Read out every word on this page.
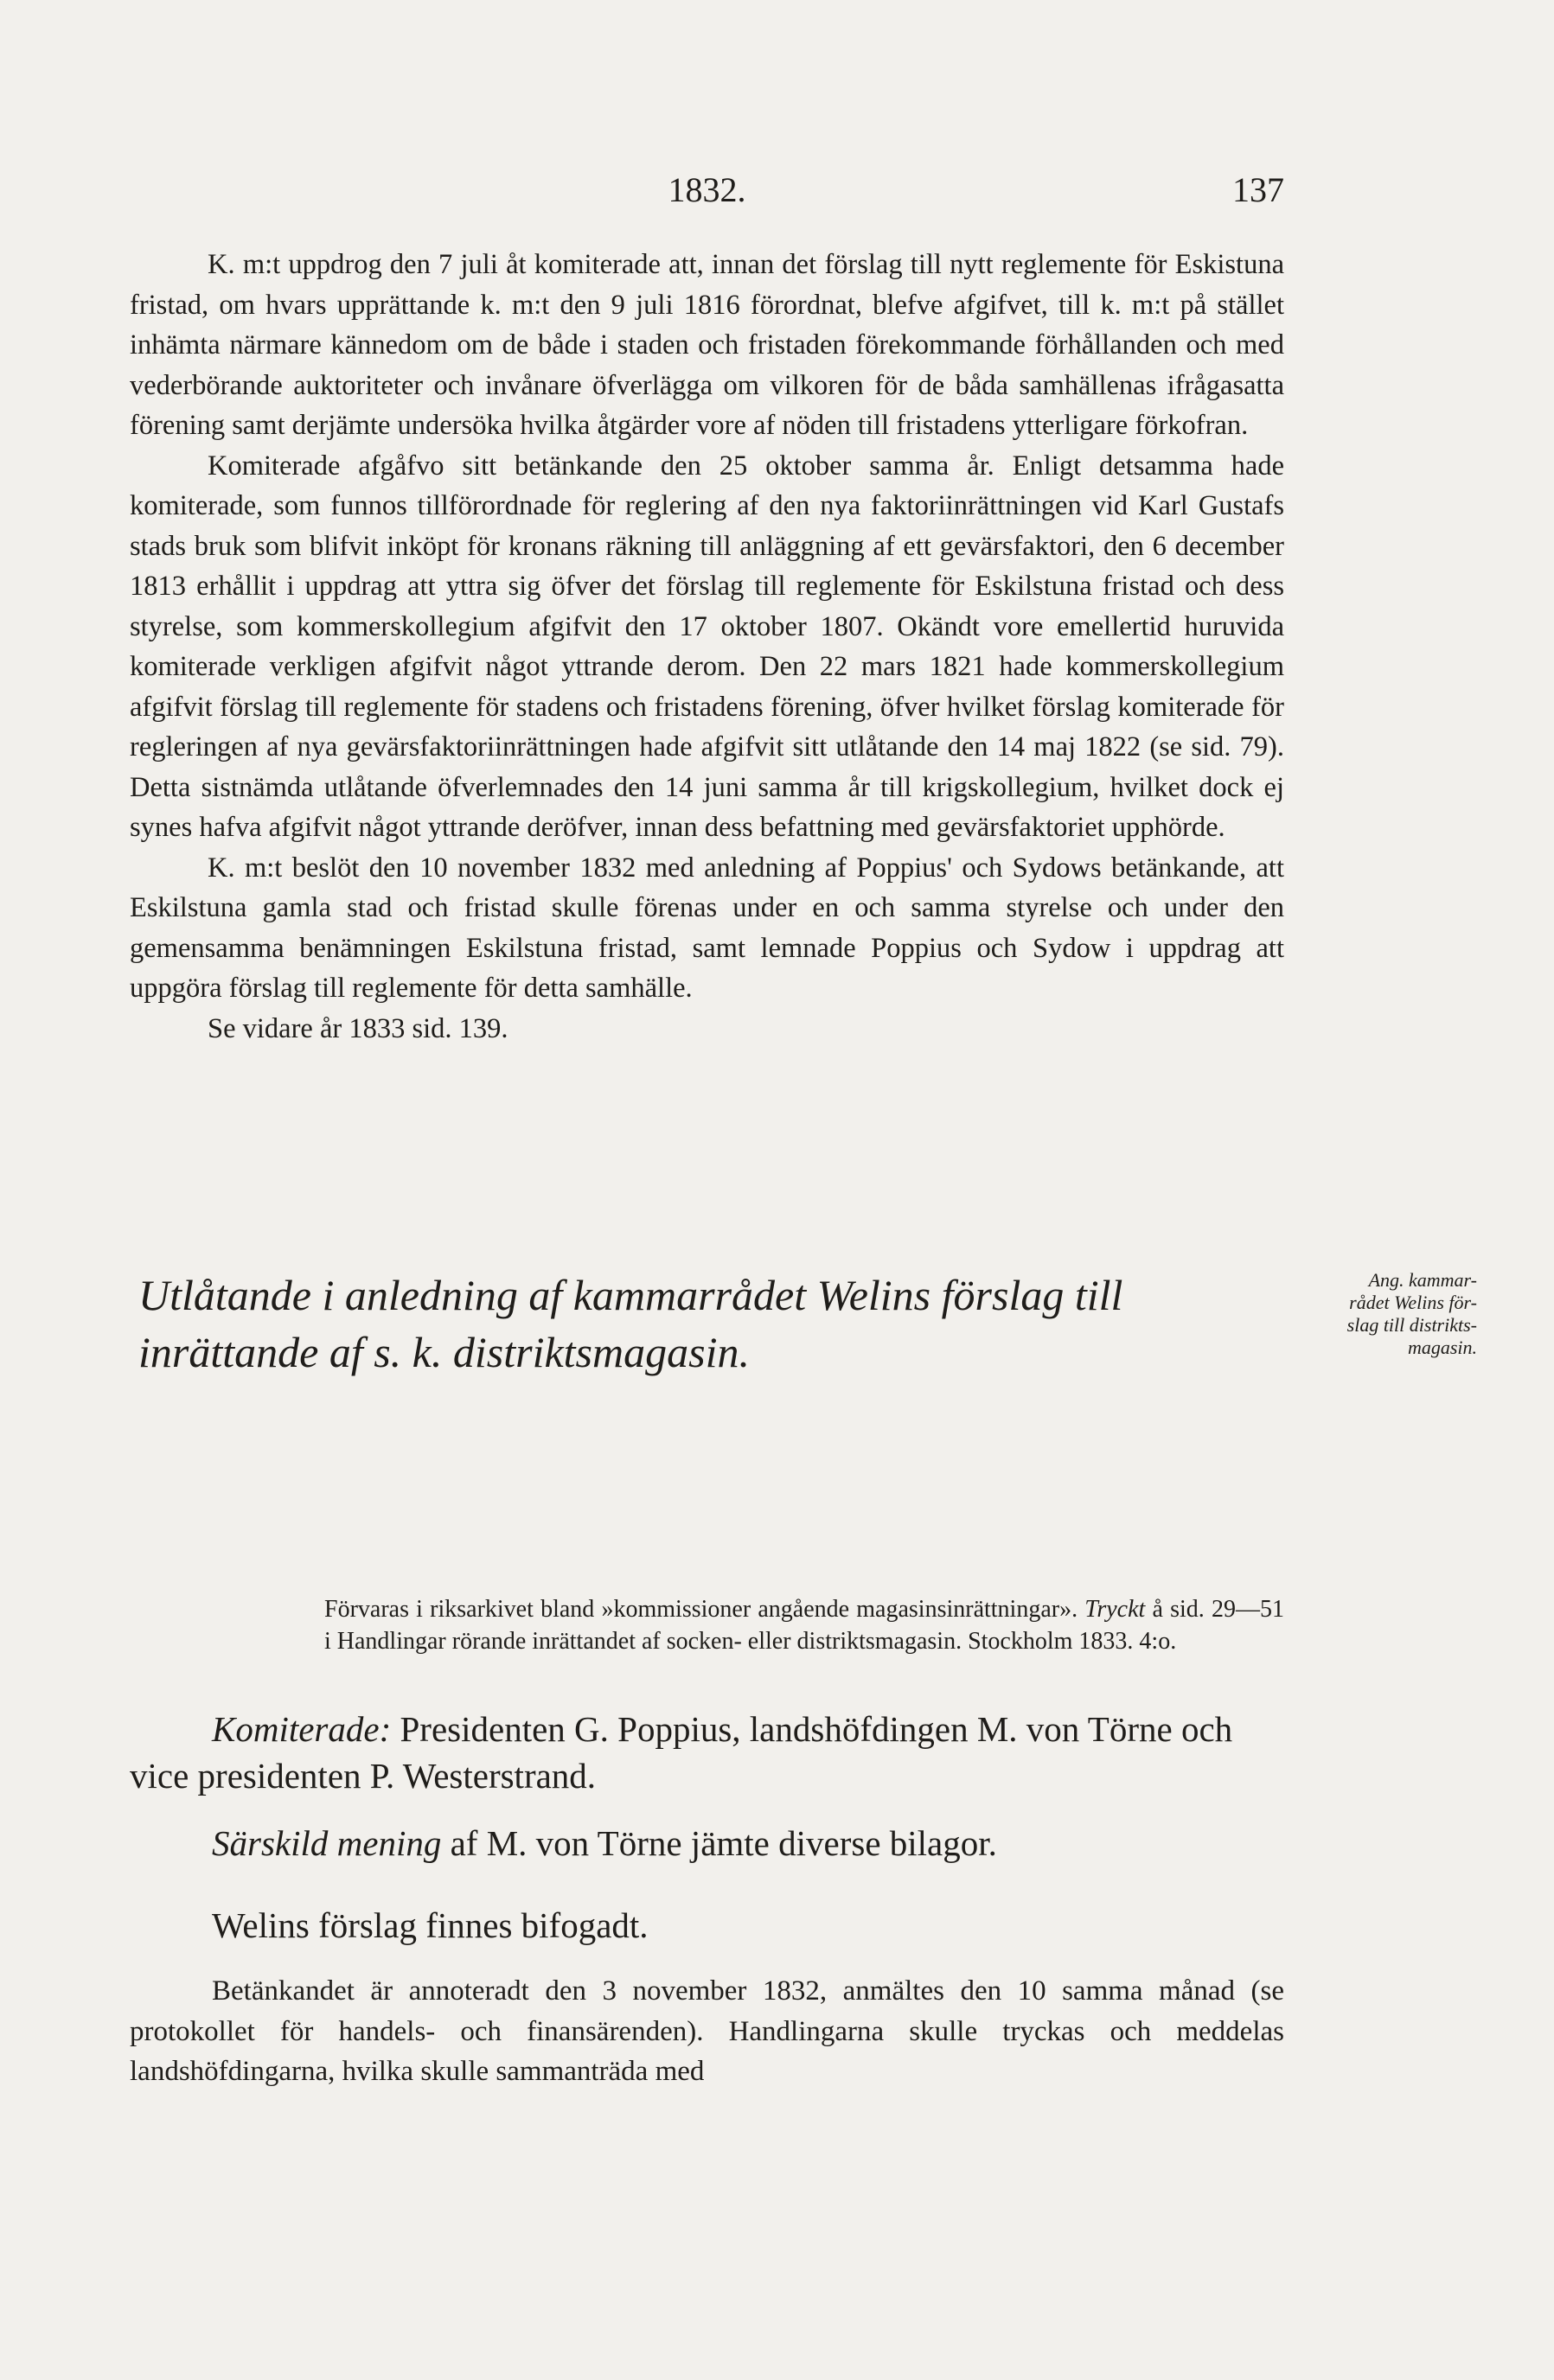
1832.	137

K. m:t uppdrog den 7 juli åt komiterade att, innan det förslag till nytt reglemente för Eskistuna fristad, om hvars upprättande k. m:t den 9 juli 1816 förordnat, blefve afgifvet, till k. m:t på stället inhämta närmare kännedom om de både i staden och fristaden förekommande förhållanden och med vederbörande auktoriteter och invånare öfverlägga om vilkoren för de båda samhällenas ifrågasatta förening samt derjämte undersöka hvilka åtgärder vore af nöden till fristadens ytterligare förkofran.

Komiterade afgåfvo sitt betänkande den 25 oktober samma år. Enligt detsamma hade komiterade, som funnos tillförordnade för reglering af den nya faktoriinrättningen vid Karl Gustafs stads bruk som blifvit inköpt för kronans räkning till anläggning af ett gevärsfaktori, den 6 december 1813 erhållit i uppdrag att yttra sig öfver det förslag till reglemente för Eskilstuna fristad och dess styrelse, som kommerskollegium afgifvit den 17 oktober 1807. Okändt vore emellertid huruvida komiterade verkligen afgifvit något yttrande derom. Den 22 mars 1821 hade kommerskollegium afgifvit förslag till reglemente för stadens och fristadens förening, öfver hvilket förslag komiterade för regleringen af nya gevärsfaktoriinrättningen hade afgifvit sitt utlåtande den 14 maj 1822 (se sid. 79). Detta sistnämda utlåtande öfverlemnades den 14 juni samma år till krigskollegium, hvilket dock ej synes hafva afgifvit något yttrande deröfver, innan dess befattning med gevärsfaktoriet upphörde.

K. m:t beslöt den 10 november 1832 med anledning af Poppius' och Sydows betänkande, att Eskilstuna gamla stad och fristad skulle förenas under en och samma styrelse och under den gemensamma benämningen Eskilstuna fristad, samt lemnade Poppius och Sydow i uppdrag att uppgöra förslag till reglemente för detta samhälle.

Se vidare år 1833 sid. 139.

Utlåtande i anledning af kammarrådet Welins förslag till
inrättande af s. k. distriktsmagasin.
Ang. kammar-
rådet Welins för-
slag till distrikts-
magasin.
Förvaras i riksarkivet bland »kommissioner angående magasinsinrättningar». Tryckt å sid. 29—51 i Handlingar rörande inrättandet af socken- eller distriktsmagasin. Stockholm 1833. 4:o.
Komiterade: Presidenten G. Poppius, landshöfdingen M. von Törne och vice presidenten P. Westerstrand.
Särskild mening af M. von Törne jämte diverse bilagor.
Welins förslag finnes bifogadt.

Betänkandet är annoteradt den 3 november 1832, anmältes den 10 samma månad (se protokollet för handels- och finansärenden). Handlingarna skulle tryckas och meddelas landshöfdingarna, hvilka skulle sammanträda med
